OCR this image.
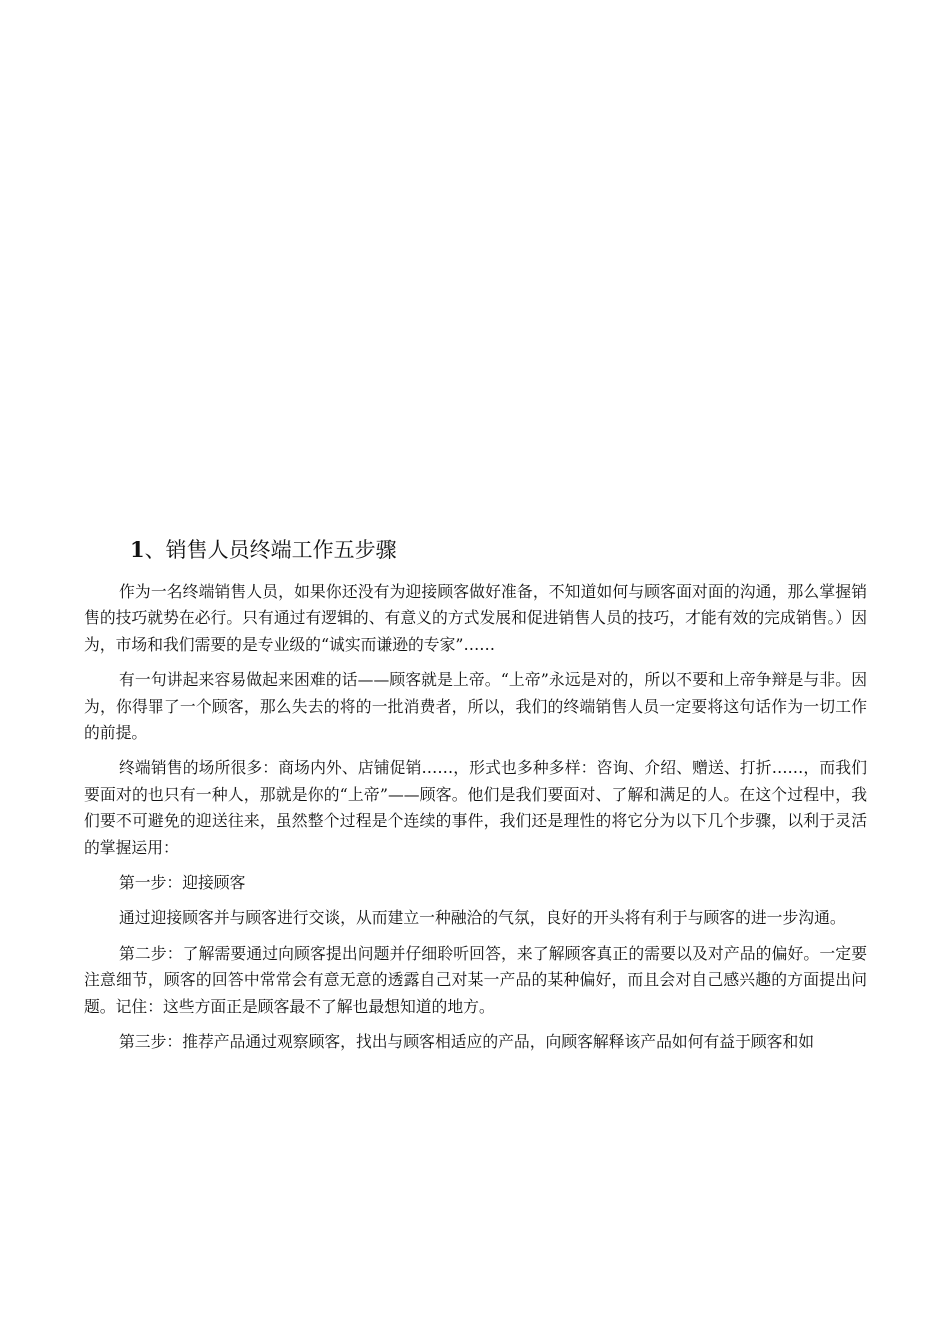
1、销售人员终端工作五步骤

作为一名终端销售人员，如果你还没有为迎接顾客做好准备，不知道如何与顾客面对面的沟通，那么掌握销售的技巧就势在必行。只有通过有逻辑的、有意义的方式发展和促进销售人员的技巧，才能有效的完成销售。）因为，市场和我们需要的是专业级的“诚实而谦逊的专家”……

有一句讲起来容易做起来困难的话——顾客就是上帝。“上帝”永远是对的，所以不要和上帝争辩是与非。因为，你得罪了一个顾客，那么失去的将的一批消费者，所以，我们的终端销售人员一定要将这句话作为一切工作的前提。

终端销售的场所很多：商场内外、店铺促销……，形式也多种多样：咨询、介绍、赠送、打折……，而我们要面对的也只有一种人，那就是你的“上帝”——顾客。他们是我们要面对、了解和满足的人。在这个过程中，我们要不可避免的迎送往来，虽然整个过程是个连续的事件，我们还是理性的将它分为以下几个步骤，以利于灵活的掌握运用：

第一步：迎接顾客

通过迎接顾客并与顾客进行交谈，从而建立一种融洽的气氛，良好的开头将有利于与顾客的进一步沟通。

第二步：了解需要通过向顾客提出问题并仔细聆听回答，来了解顾客真正的需要以及对产品的偏好。一定要注意细节，顾客的回答中常常会有意无意的透露自己对某一产品的某种偏好，而且会对自己感兴趣的方面提出问题。记住：这些方面正是顾客最不了解也最想知道的地方。

第三步：推荐产品通过观察顾客，找出与顾客相适应的产品，向顾客解释该产品如何有益于顾客和如
